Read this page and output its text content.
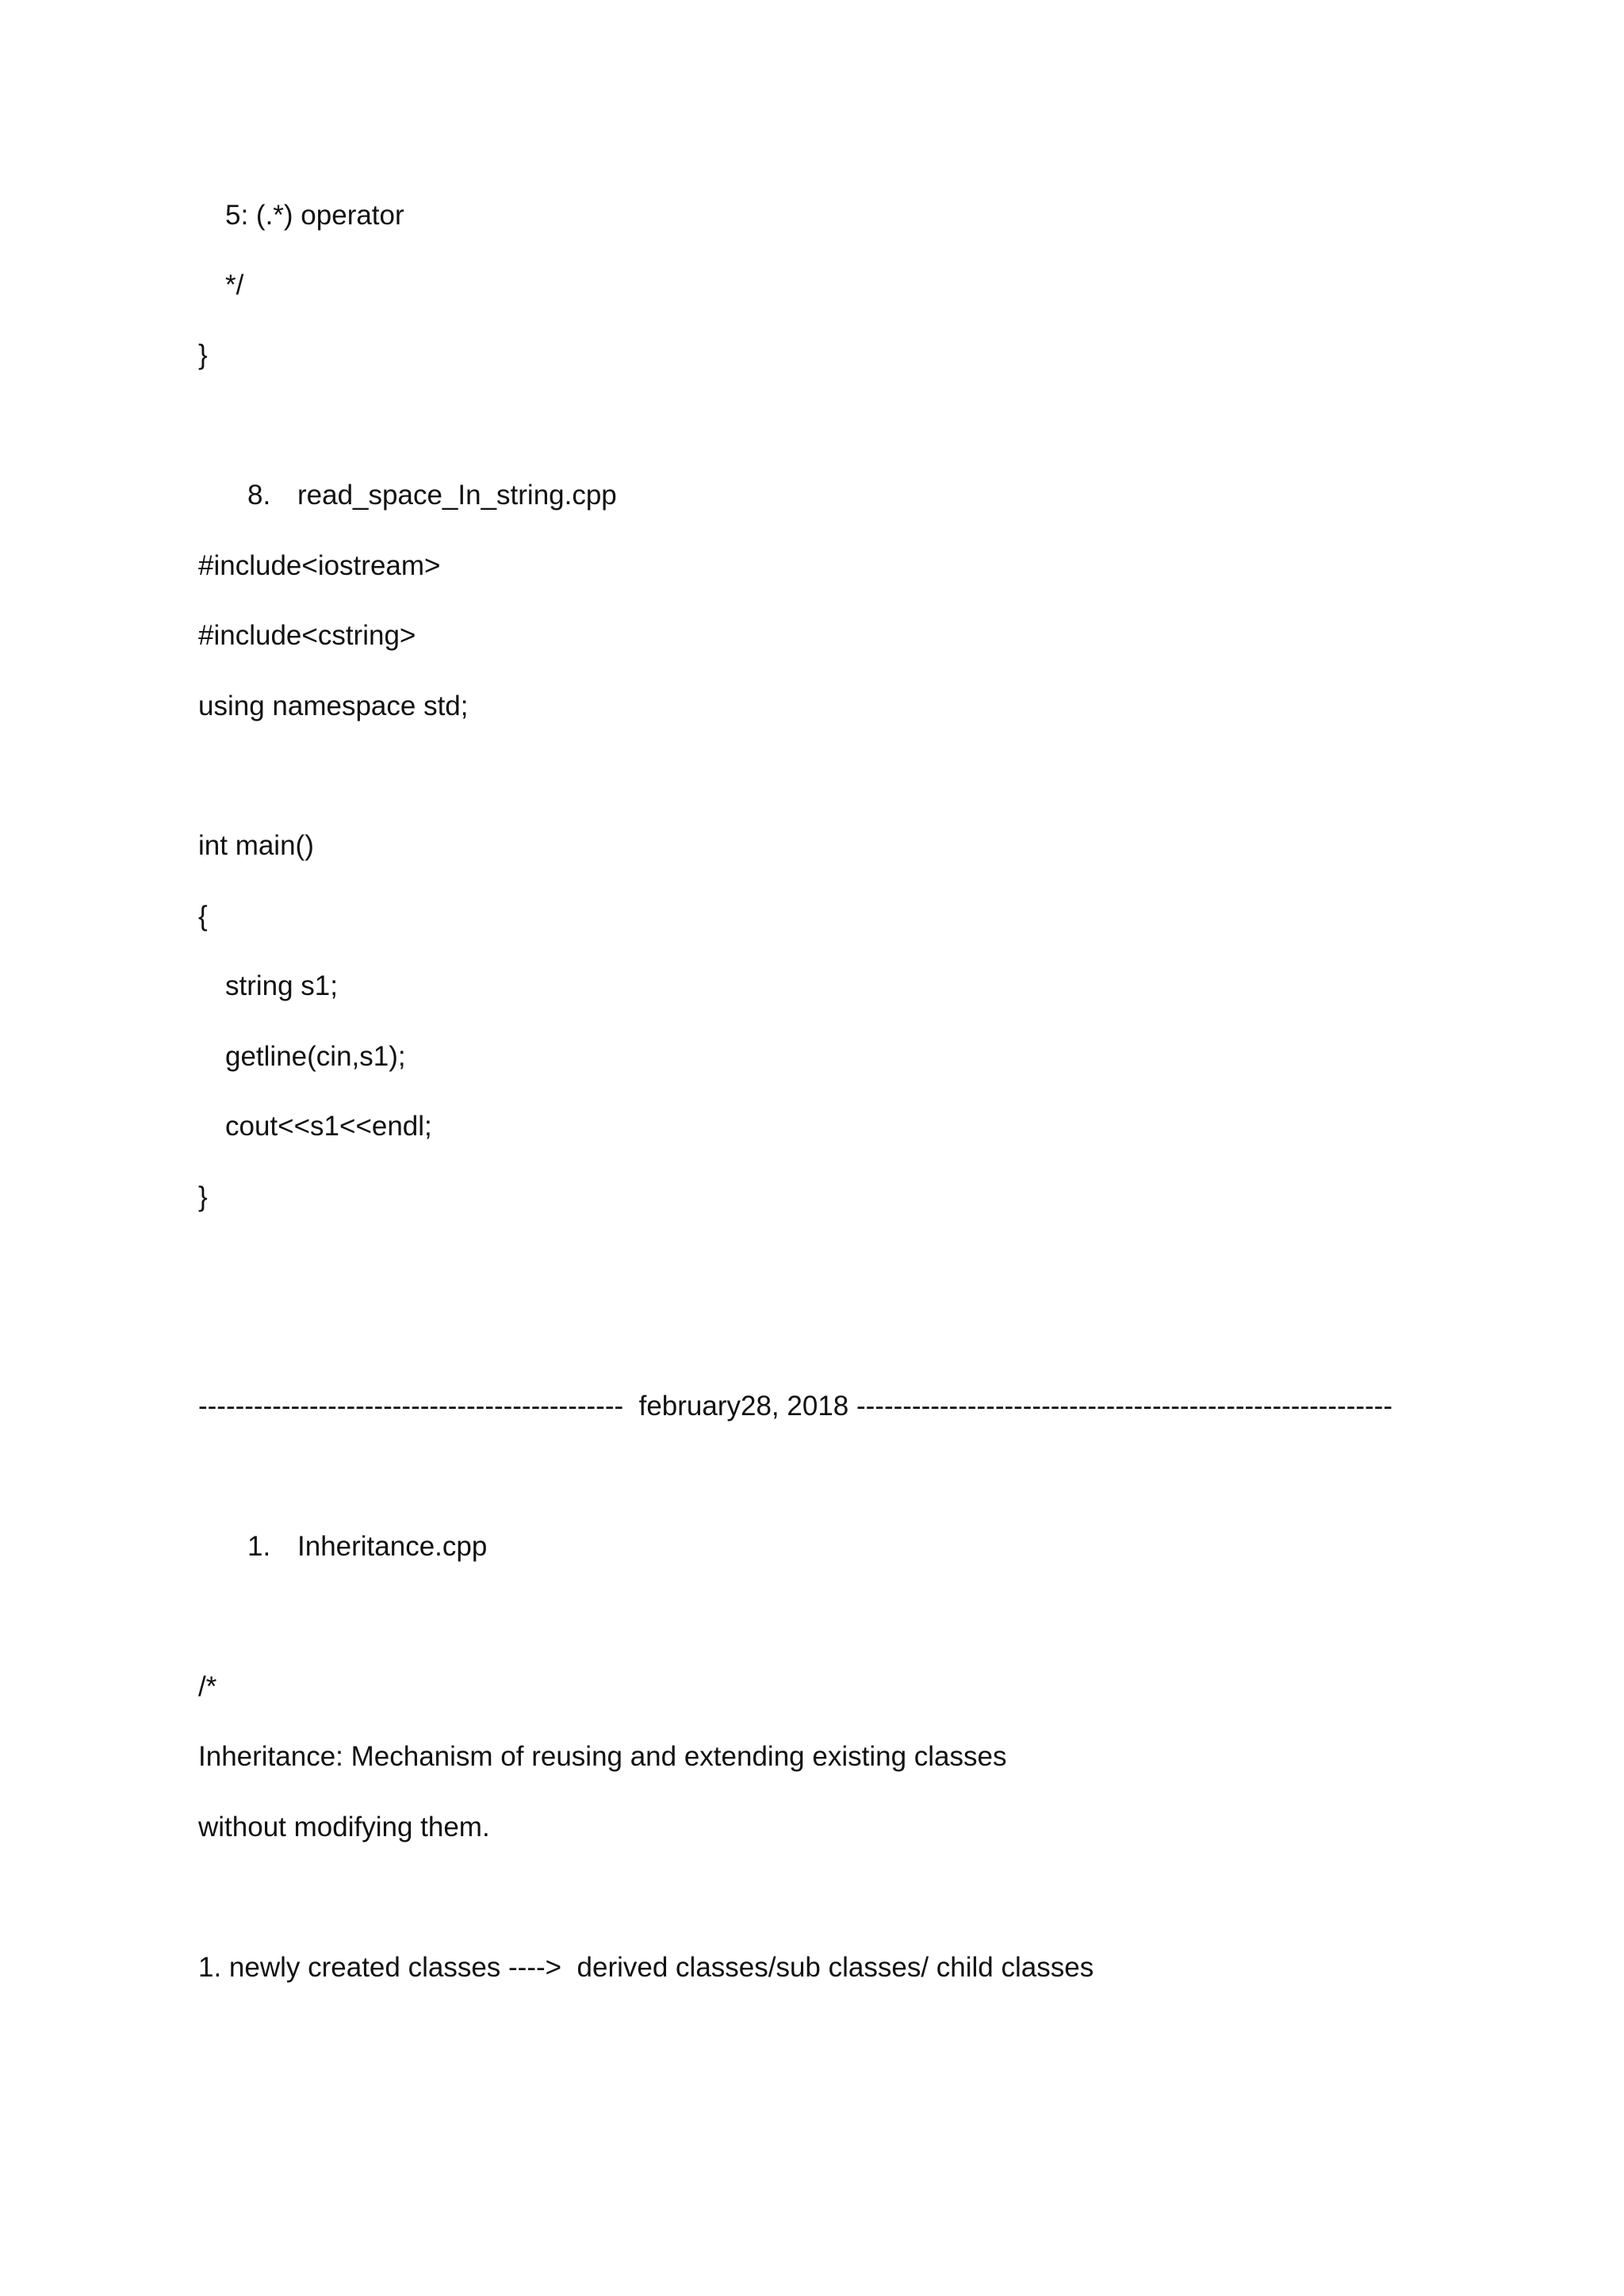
5: (.*) operator
*/
}
8. read_space_In_string.cpp
#include<iostream>
#include<cstring>
using namespace std;
int main()
{
string s1;
getline(cin,s1);
cout<<s1<<endl;
}
---------------------------------------------- february28, 2018 ----------------------------------------------------------
1. Inheritance.cpp
/*
Inheritance: Mechanism of reusing and extending existing classes
without modifying them.
1. newly created classes ---->  derived classes/sub classes/ child classes
